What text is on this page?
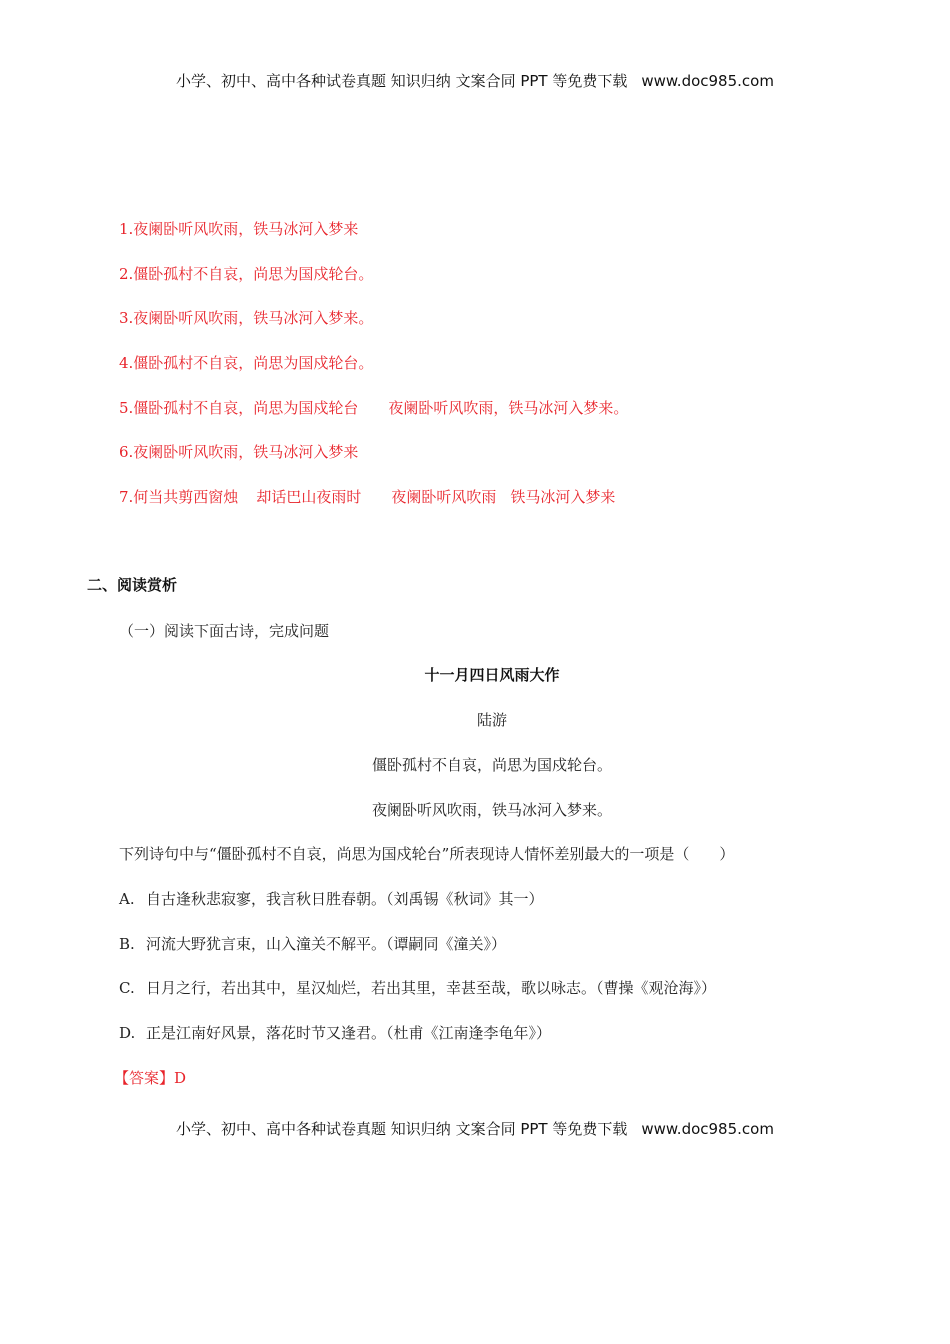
小学、初中、高中各种试卷真题 知识归纳 文案合同 PPT 等免费下载 www.doc985.com
1.夜阑卧听风吹雨，铁马冰河入梦来
2.僵卧孤村不自哀，尚思为国戍轮台。
3.夜阑卧听风吹雨，铁马冰河入梦来。
4.僵卧孤村不自哀，尚思为国戍轮台。
5.僵卧孤村不自哀，尚思为国戍轮台 夜阑卧听风吹雨，铁马冰河入梦来。
6.夜阑卧听风吹雨，铁马冰河入梦来
7.何当共剪西窗烛 却话巴山夜雨时 夜阑卧听风吹雨 铁马冰河入梦来
二、阅读赏析
（一）阅读下面古诗，完成问题
十一月四日风雨大作
陆游
僵卧孤村不自哀，尚思为国戍轮台。
夜阑卧听风吹雨，铁马冰河入梦来。
下列诗句中与“僵卧孤村不自哀，尚思为国戍轮台”所表现诗人情怀差别最大的一项是（　　）
A. 自古逢秋悲寂寥，我言秋日胜春朝。（刘禹锡《秋词》其一）
B. 河流大野犹言束，山入潼关不解平。（谭嗣同《潼关》）
C. 日月之行，若出其中，星汉灿烂，若出其里，幸甚至哉，歌以咏志。（曹操《观沧海》）
D. 正是江南好风景，落花时节又逢君。（杜甫《江南逢李龟年》）
【答案】D
小学、初中、高中各种试卷真题 知识归纳 文案合同 PPT 等免费下载 www.doc985.com
